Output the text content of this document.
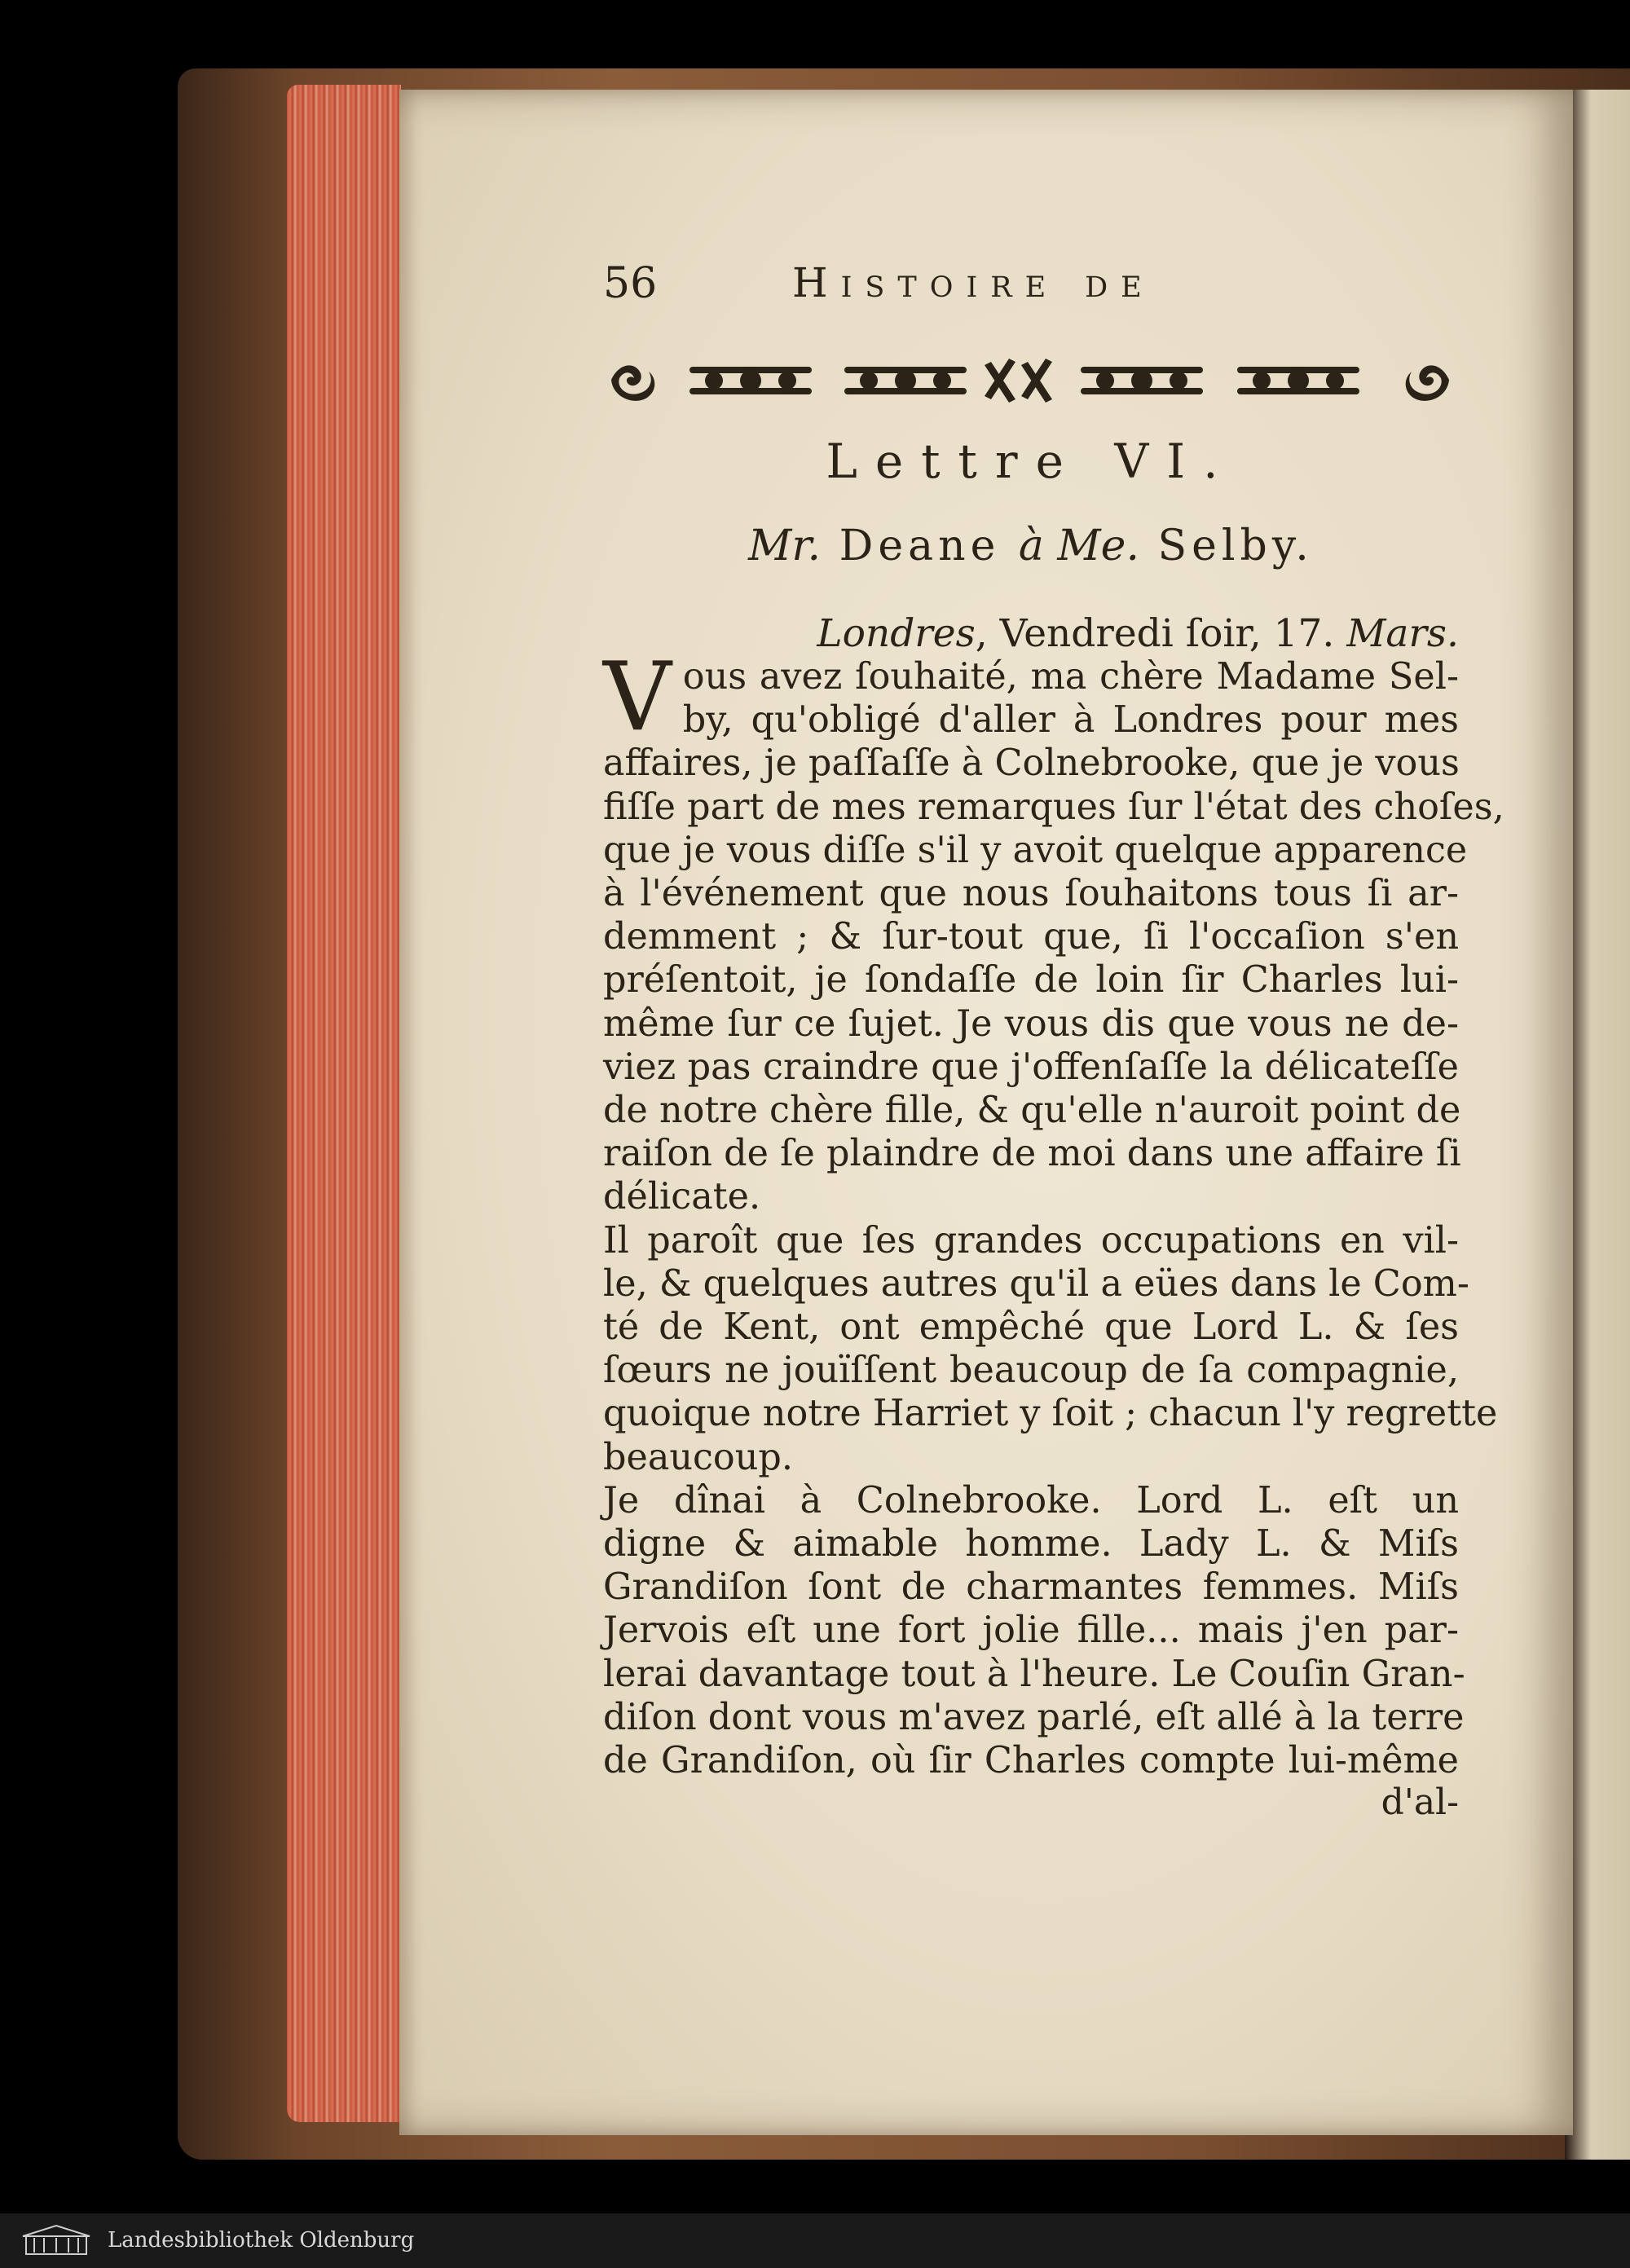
56	Histoire de
Lettre VI.
Mr. Deane à Me. Selby.
Londres, Vendredi ſoir, 17. Mars.
V ous avez ſouhaité, ma chère Madame Sel-
by, qu'obligé d'aller à Londres pour mes
affaires, je paſſaſſe à Colnebrooke, que je vous
fiſſe part de mes remarques ſur l'état des choſes,
que je vous diſſe s'il y avoit quelque apparence
à l'événement que nous ſouhaitons tous ſi ar-
demment ; & ſur-tout que, ſi l'occaſion s'en
préſentoit, je ſondaſſe de loin ſir Charles lui-
même ſur ce ſujet. Je vous dis que vous ne de-
viez pas craindre que j'offenſaſſe la délicateſſe
de notre chère fille, & qu'elle n'auroit point de
raiſon de ſe plaindre de moi dans une affaire ſi
délicate.
Il paroît que ſes grandes occupations en vil-
le, & quelques autres qu'il a eües dans le Com-
té de Kent, ont empêché que Lord L. & ſes
ſœurs ne jouïſſent beaucoup de ſa compagnie,
quoique notre Harriet y ſoit ; chacun l'y regrette
beaucoup.
Je dînai à Colnebrooke. Lord L. eſt un
digne & aimable homme. Lady L. & Miſs
Grandiſon ſont de charmantes femmes. Miſs
Jervois eſt une fort jolie fille... mais j'en par-
lerai davantage tout à l'heure. Le Couſin Gran-
diſon dont vous m'avez parlé, eſt allé à la terre
de Grandiſon, où ſir Charles compte lui-même
d'al-
Landesbibliothek Oldenburg
